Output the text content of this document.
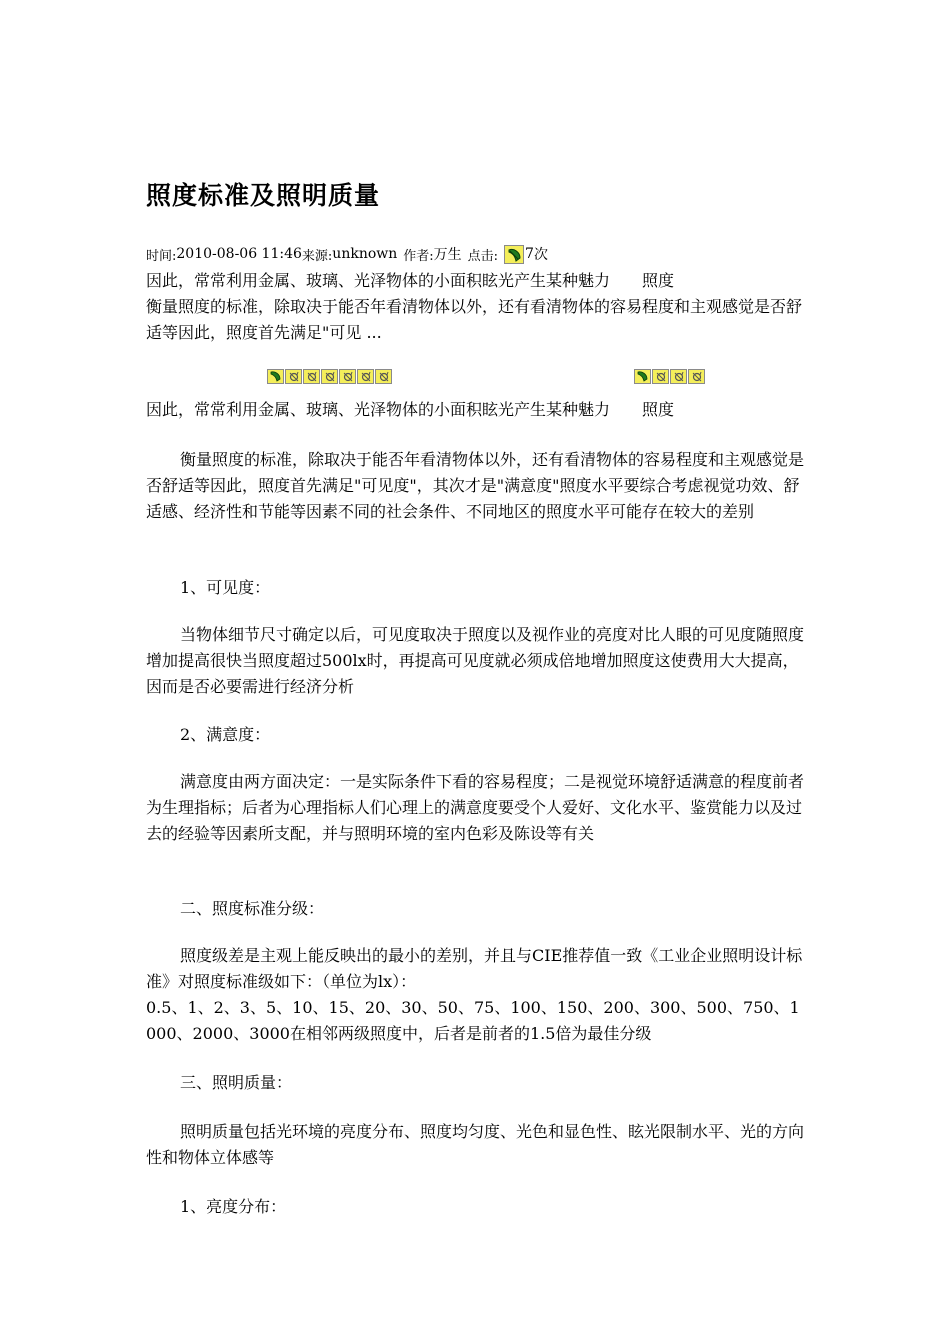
照度标准及照明质量
时间: 2010-08-06 11:46 来源: unknown 作者: 万生 点击: 7 次

因此，常常利用金属、玻璃、光泽物体的小面积眩光产生某种魅力　　照度

衡量照度的标准，除取决于能否年看清物体以外，还有看清物体的容易程度和主观感觉是否舒适等因此，照度首先满足"可见 ...

因此，常常利用金属、玻璃、光泽物体的小面积眩光产生某种魅力　　照度

衡量照度的标准，除取决于能否年看清物体以外，还有看清物体的容易程度和主观感觉是否舒适等因此，照度首先满足"可见度"，其次才是"满意度"照度水平要综合考虑视觉功效、舒适感、经济性和节能等因素不同的社会条件、不同地区的照度水平可能存在较大的差别

1、可见度：

当物体细节尺寸确定以后，可见度取决于照度以及视作业的亮度对比人眼的可见度随照度增加提高很快当照度超过500lx时，再提高可见度就必须成倍地增加照度这使费用大大提高，因而是否必要需进行经济分析

2、满意度：

满意度由两方面决定：一是实际条件下看的容易程度；二是视觉环境舒适满意的程度前者为生理指标；后者为心理指标人们心理上的满意度要受个人爱好、文化水平、鉴赏能力以及过去的经验等因素所支配，并与照明环境的室内色彩及陈设等有关

二、照度标准分级：

照度级差是主观上能反映出的最小的差别，并且与CIE推荐值一致《工业企业照明设计标准》对照度标准级如下：（单位为lx）：

0.5、1、2、3、5、10、15、20、30、50、75、100、150、200、300、500、750、1000、2000、3000在相邻两级照度中，后者是前者的1.5倍为最佳分级

三、照明质量：

照明质量包括光环境的亮度分布、照度均匀度、光色和显色性、眩光限制水平、光的方向性和物体立体感等

1、亮度分布：
